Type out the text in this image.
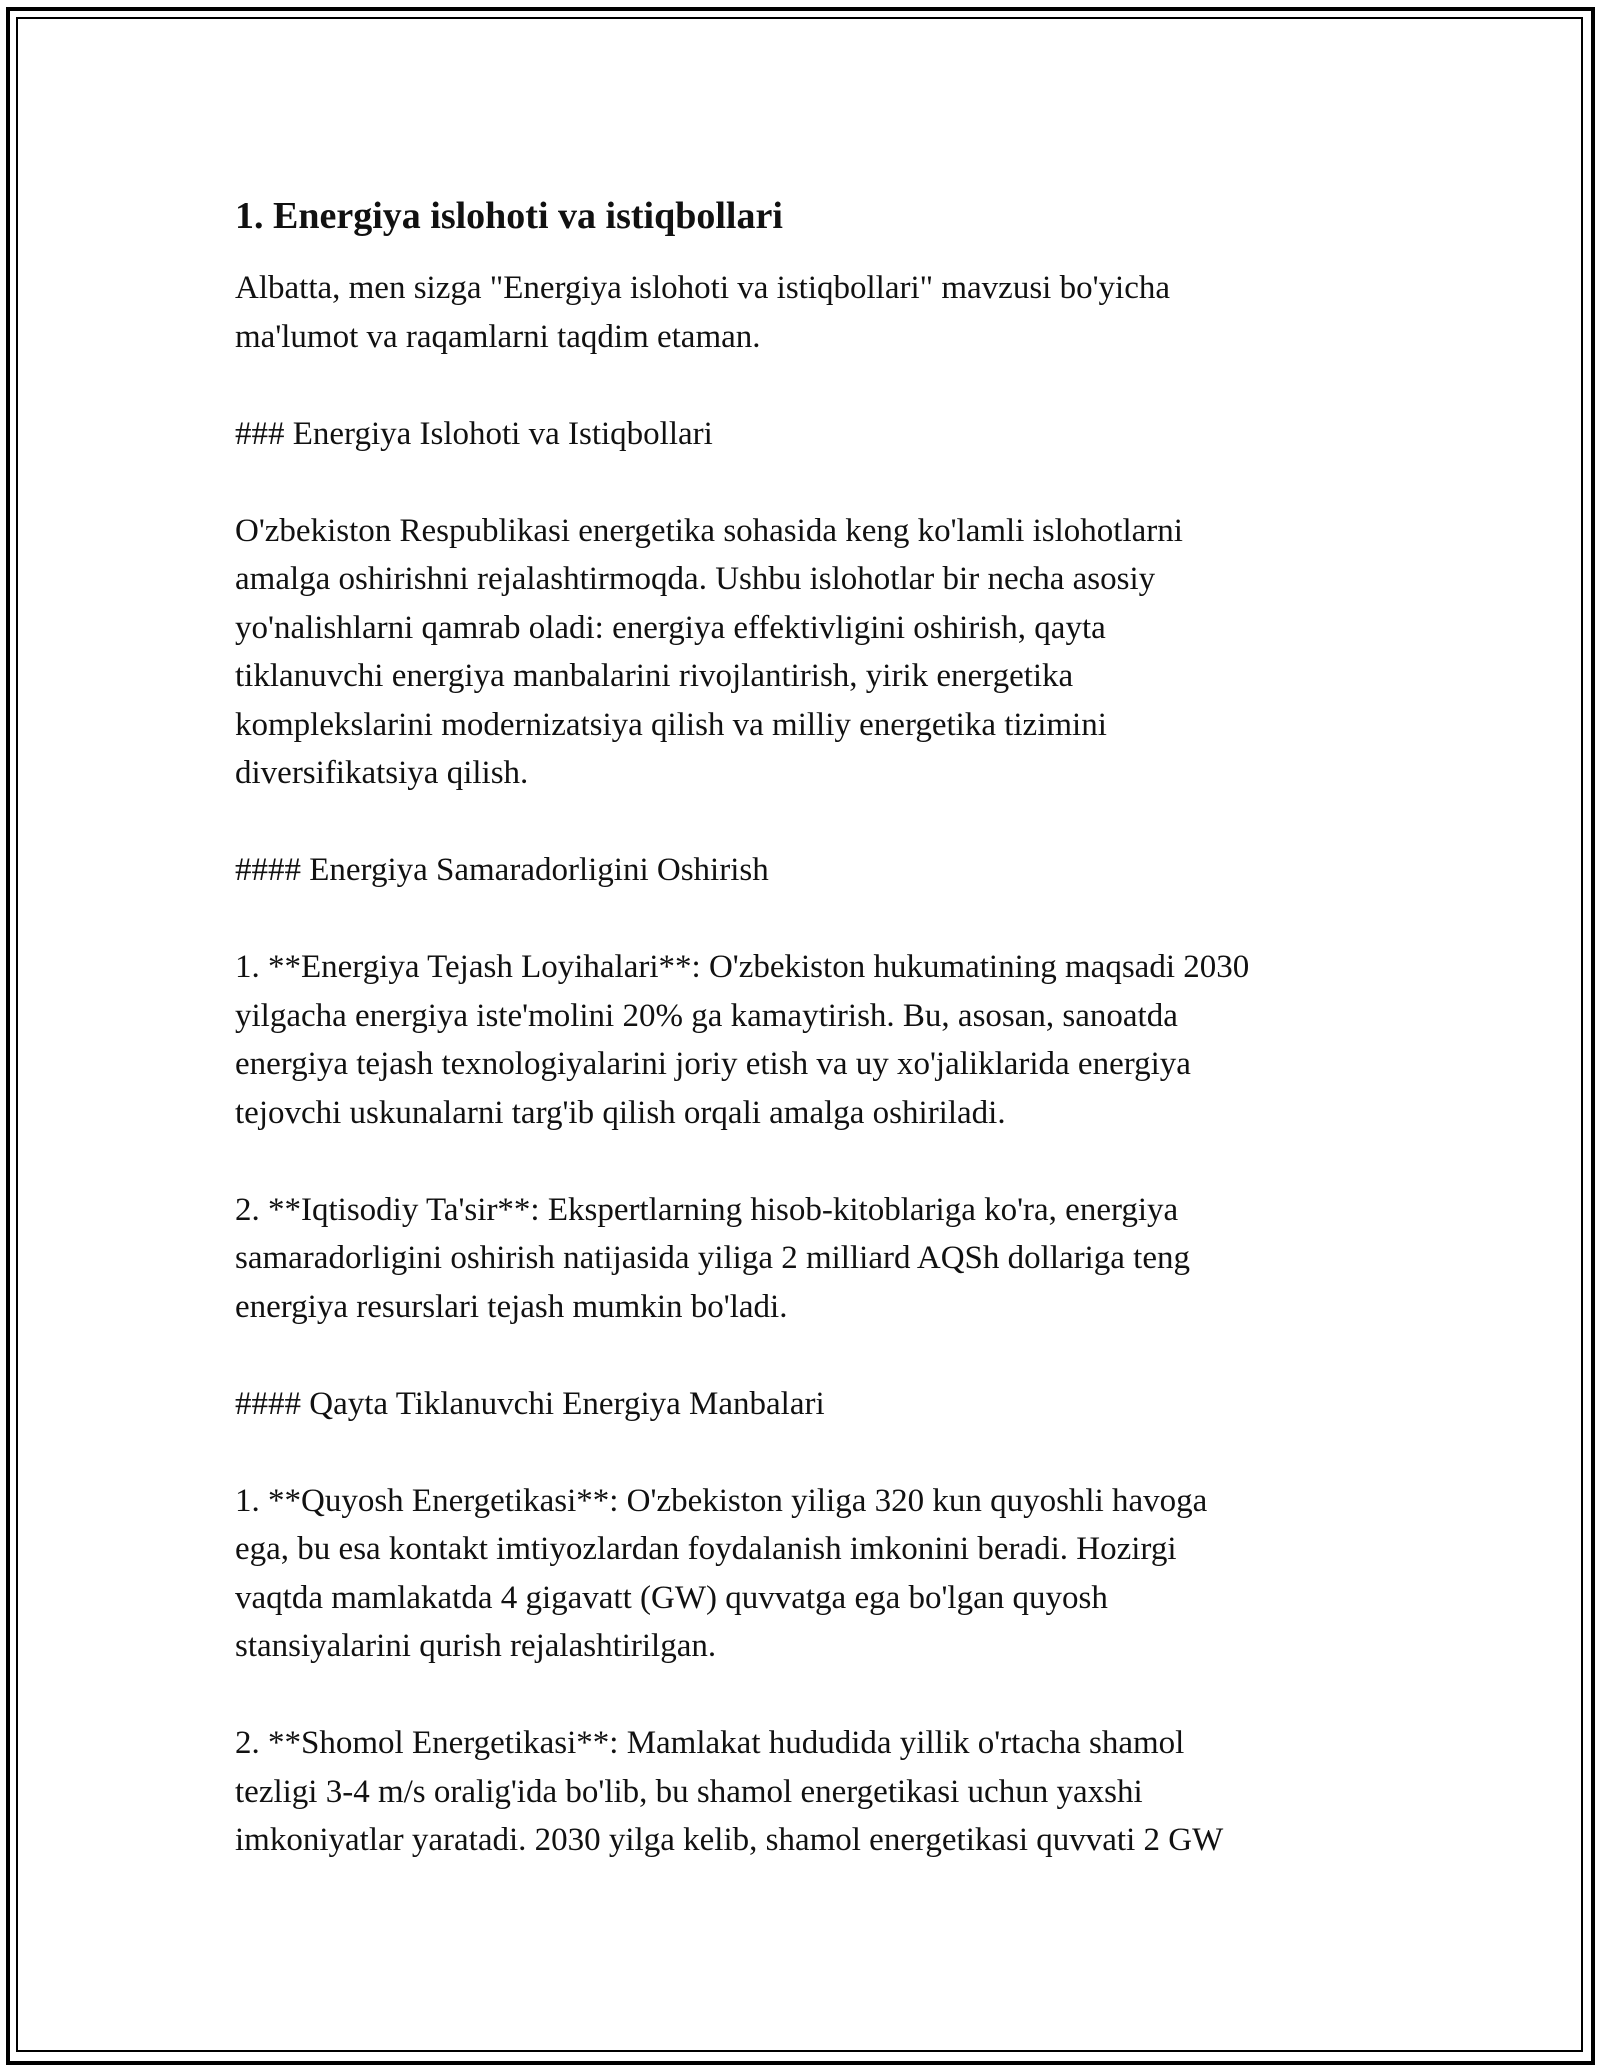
1. Energiya islohoti va istiqbollari

Albatta, men sizga "Energiya islohoti va istiqbollari" mavzusi bo'yicha
ma'lumot va raqamlarni taqdim etaman.

### Energiya Islohoti va Istiqbollari

O'zbekiston Respublikasi energetika sohasida keng ko'lamli islohotlarni
amalga oshirishni rejalashtirmoqda. Ushbu islohotlar bir necha asosiy
yo'nalishlarni qamrab oladi: energiya effektivligini oshirish, qayta
tiklanuvchi energiya manbalarini rivojlantirish, yirik energetika
komplekslarini modernizatsiya qilish va milliy energetika tizimini
diversifikatsiya qilish.

#### Energiya Samaradorligini Oshirish

1. **Energiya Tejash Loyihalari**: O'zbekiston hukumatining maqsadi 2030
yilgacha energiya iste'molini 20% ga kamaytirish. Bu, asosan, sanoatda
energiya tejash texnologiyalarini joriy etish va uy xo'jaliklarida energiya
tejovchi uskunalarni targ'ib qilish orqali amalga oshiriladi.

2. **Iqtisodiy Ta'sir**: Ekspertlarning hisob-kitoblariga ko'ra, energiya
samaradorligini oshirish natijasida yiliga 2 milliard AQSh dollariga teng
energiya resurslari tejash mumkin bo'ladi.

#### Qayta Tiklanuvchi Energiya Manbalari

1. **Quyosh Energetikasi**: O'zbekiston yiliga 320 kun quyoshli havoga
ega, bu esa kontakt imtiyozlardan foydalanish imkonini beradi. Hozirgi
vaqtda mamlakatda 4 gigavatt (GW) quvvatga ega bo'lgan quyosh
stansiyalarini qurish rejalashtirilgan.

2. **Shomol Energetikasi**: Mamlakat hududida yillik o'rtacha shamol
tezligi 3-4 m/s oralig'ida bo'lib, bu shamol energetikasi uchun yaxshi
imkoniyatlar yaratadi. 2030 yilga kelib, shamol energetikasi quvvati 2 GW
